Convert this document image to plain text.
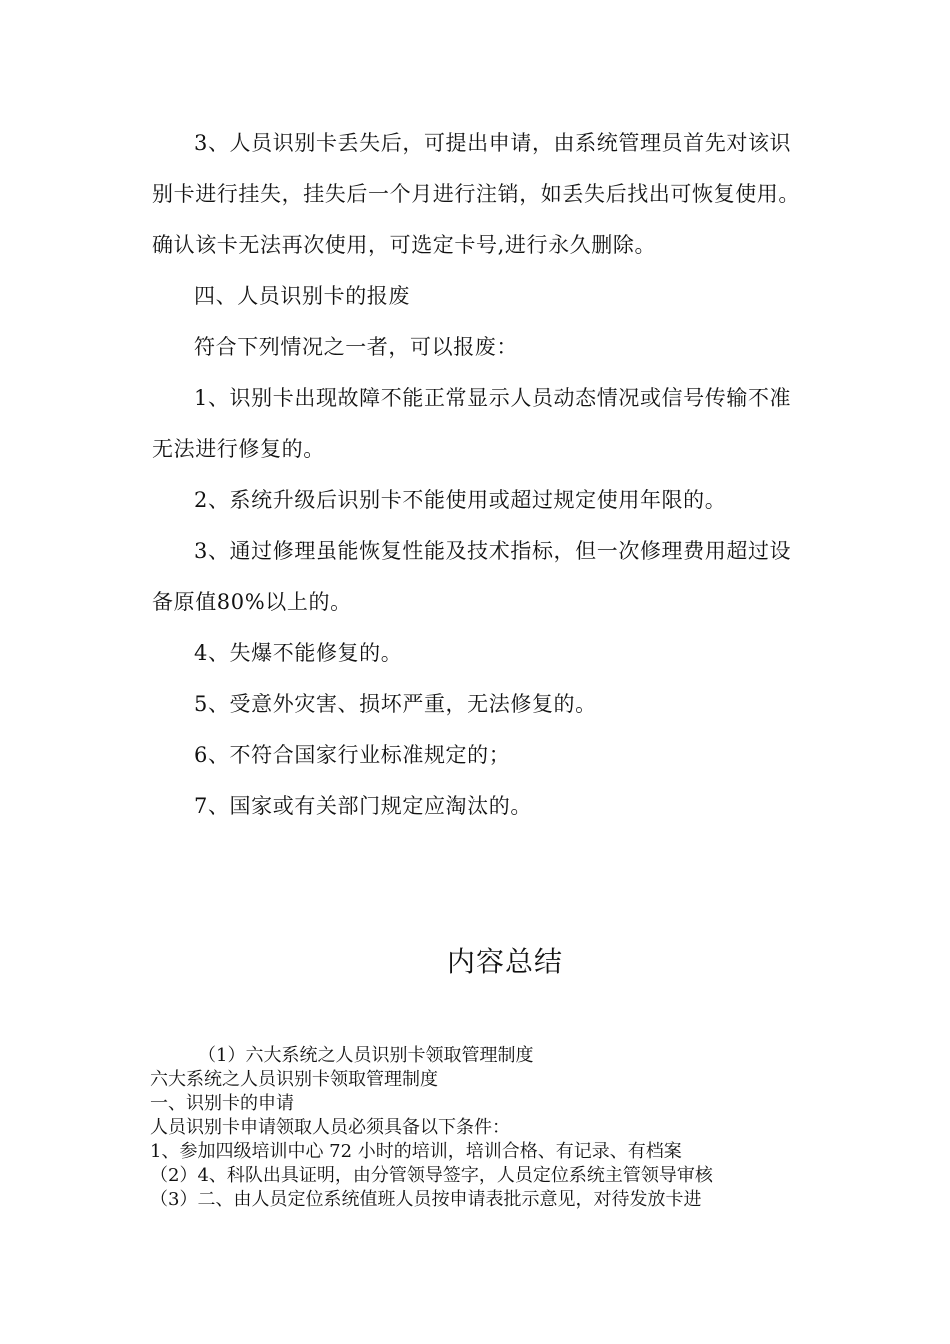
3、人员识别卡丢失后，可提出申请，由系统管理员首先对该识别卡进行挂失，挂失后一个月进行注销，如丢失后找出可恢复使用。确认该卡无法再次使用，可选定卡号,进行永久删除。

四、人员识别卡的报废

符合下列情况之一者，可以报废：

1、识别卡出现故障不能正常显示人员动态情况或信号传输不准无法进行修复的。

2、系统升级后识别卡不能使用或超过规定使用年限的。

3、通过修理虽能恢复性能及技术指标，但一次修理费用超过设备原值80%以上的。

4、失爆不能修复的。

5、受意外灾害、损坏严重，无法修复的。

6、不符合国家行业标准规定的；

7、国家或有关部门规定应淘汰的。

内容总结
（1）六大系统之人员识别卡领取管理制度
六大系统之人员识别卡领取管理制度
一、识别卡的申请
人员识别卡申请领取人员必须具备以下条件：
1、参加四级培训中心 72 小时的培训，培训合格、有记录、有档案
（2）4、科队出具证明，由分管领导签字，人员定位系统主管领导审核
（3）二、由人员定位系统值班人员按申请表批示意见，对待发放卡进
